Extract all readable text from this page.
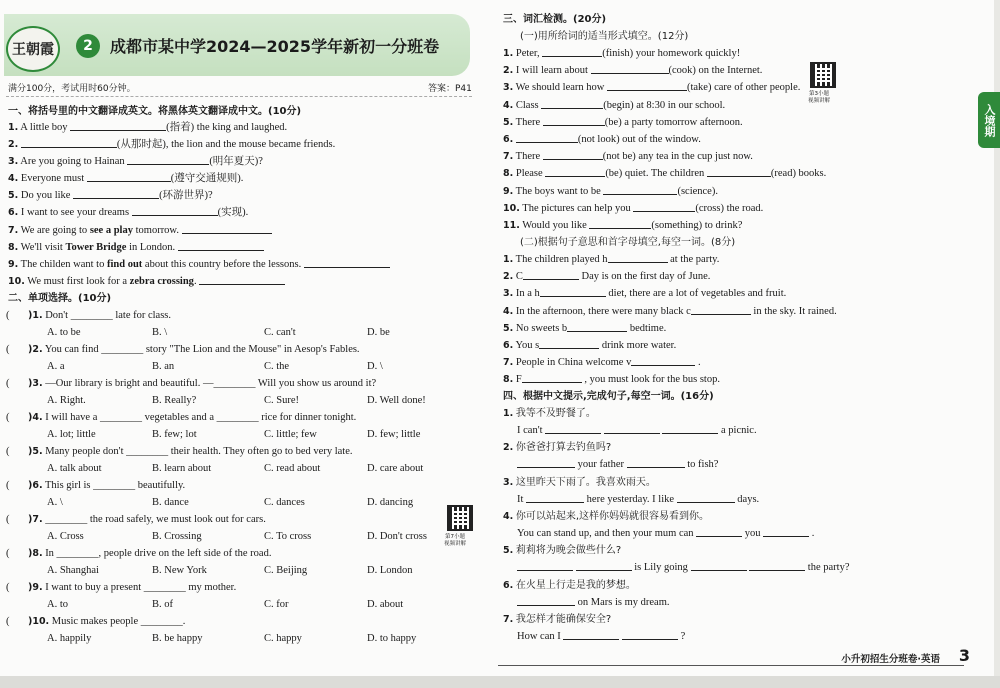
王朝霞	2	成都市某中学2024—2025学年新初一分班卷
满分100分，考试用时60分钟。	答案：P41
一、将括号里的中文翻译成英文。将黑体英文翻译成中文。(10分)
1. A little boy	(指着) the king and laughed.
2.	(从那时起), the lion and the mouse became friends.
3. Are you going to Hainan	(明年夏天)?
4. Everyone must	(遵守交通规则).
5. Do you like	(环游世界)?
6. I want to see your dreams	(实现).
7. We are going to see a play tomorrow.
8. We'll visit Tower Bridge in London.
9. The childen want to find out about this country before the lessons.
10. We must first look for a zebra crossing.
二、单项选择。(10分)
( )1. Don't ________ late for class.
A. to be	B. \	C. can't	D. be
( )2. You can find ________ story "The Lion and the Mouse" in Aesop's Fables.
A. a	B. an	C. the	D. \
( )3. —Our library is bright and beautiful. —________ Will you show us around it?
A. Right.	B. Really?	C. Sure!	D. Well done!
( )4. I will have a ________ vegetables and a ________ rice for dinner tonight.
A. lot; little	B. few; lot	C. little; few	D. few; little
( )5. Many people don't ________ their health. They often go to bed very late.
A. talk about	B. learn about	C. read about	D. care about
( )6. This girl is ________ beautifully.
A. \	B. dance	C. dances	D. dancing
( )7. ________ the road safely, we must look out for cars.
A. Cross	B. Crossing	C. To cross	D. Don't cross
( )8. In ________, people drive on the left side of the road.
A. Shanghai	B. New York	C. Beijing	D. London
( )9. I want to buy a present ________ my mother.
A. to	B. of	C. for	D. about
( )10. Music makes people ________.
A. happily	B. be happy	C. happy	D. to happy
第7小题
视频讲解
三、词汇检测。(20分)
(一)用所给词的适当形式填空。(12分)
1. Peter,	(finish) your homework quickly!
2. I will learn about	(cook) on the Internet.
3. We should learn how	(take) care of other people.
4. Class	(begin) at 8:30 in our school.
5. There	(be) a party tomorrow afternoon.
6.	(not look) out of the window.
7. There	(not be) any tea in the cup just now.
8. Please	(be) quiet. The children	(read) books.
9. The boys want to be	(science).
10. The pictures can help you	(cross) the road.
11. Would you like	(something) to drink?
第3小题
视频讲解
(二)根据句子意思和首字母填空,每空一词。(8分)
1. The children played h	at the party.
2. C	Day is on the first day of June.
3. In a h	diet, there are a lot of vegetables and fruit.
4. In the afternoon, there were many black c	in the sky. It rained.
5. No sweets b	bedtime.
6. You s	drink more water.
7. People in China welcome v	.
8. F	, you must look for the bus stop.
四、根据中文提示,完成句子,每空一词。(16分)
1. 我等不及野餐了。
I can't	a picnic.
2. 你爸爸打算去钓鱼吗?
your father	to fish?
3. 这里昨天下雨了。我喜欢雨天。
It	here yesterday. I like	days.
4. 你可以站起来,这样你妈妈就很容易看到你。
You can stand up, and then your mum can	you	.
5. 莉莉将为晚会做些什么?
is Lily going	the party?
6. 在火星上行走是我的梦想。
on Mars is my dream.
7. 我怎样才能确保安全?
How can I	?
入境期
小升初招生分班卷·英语 3
